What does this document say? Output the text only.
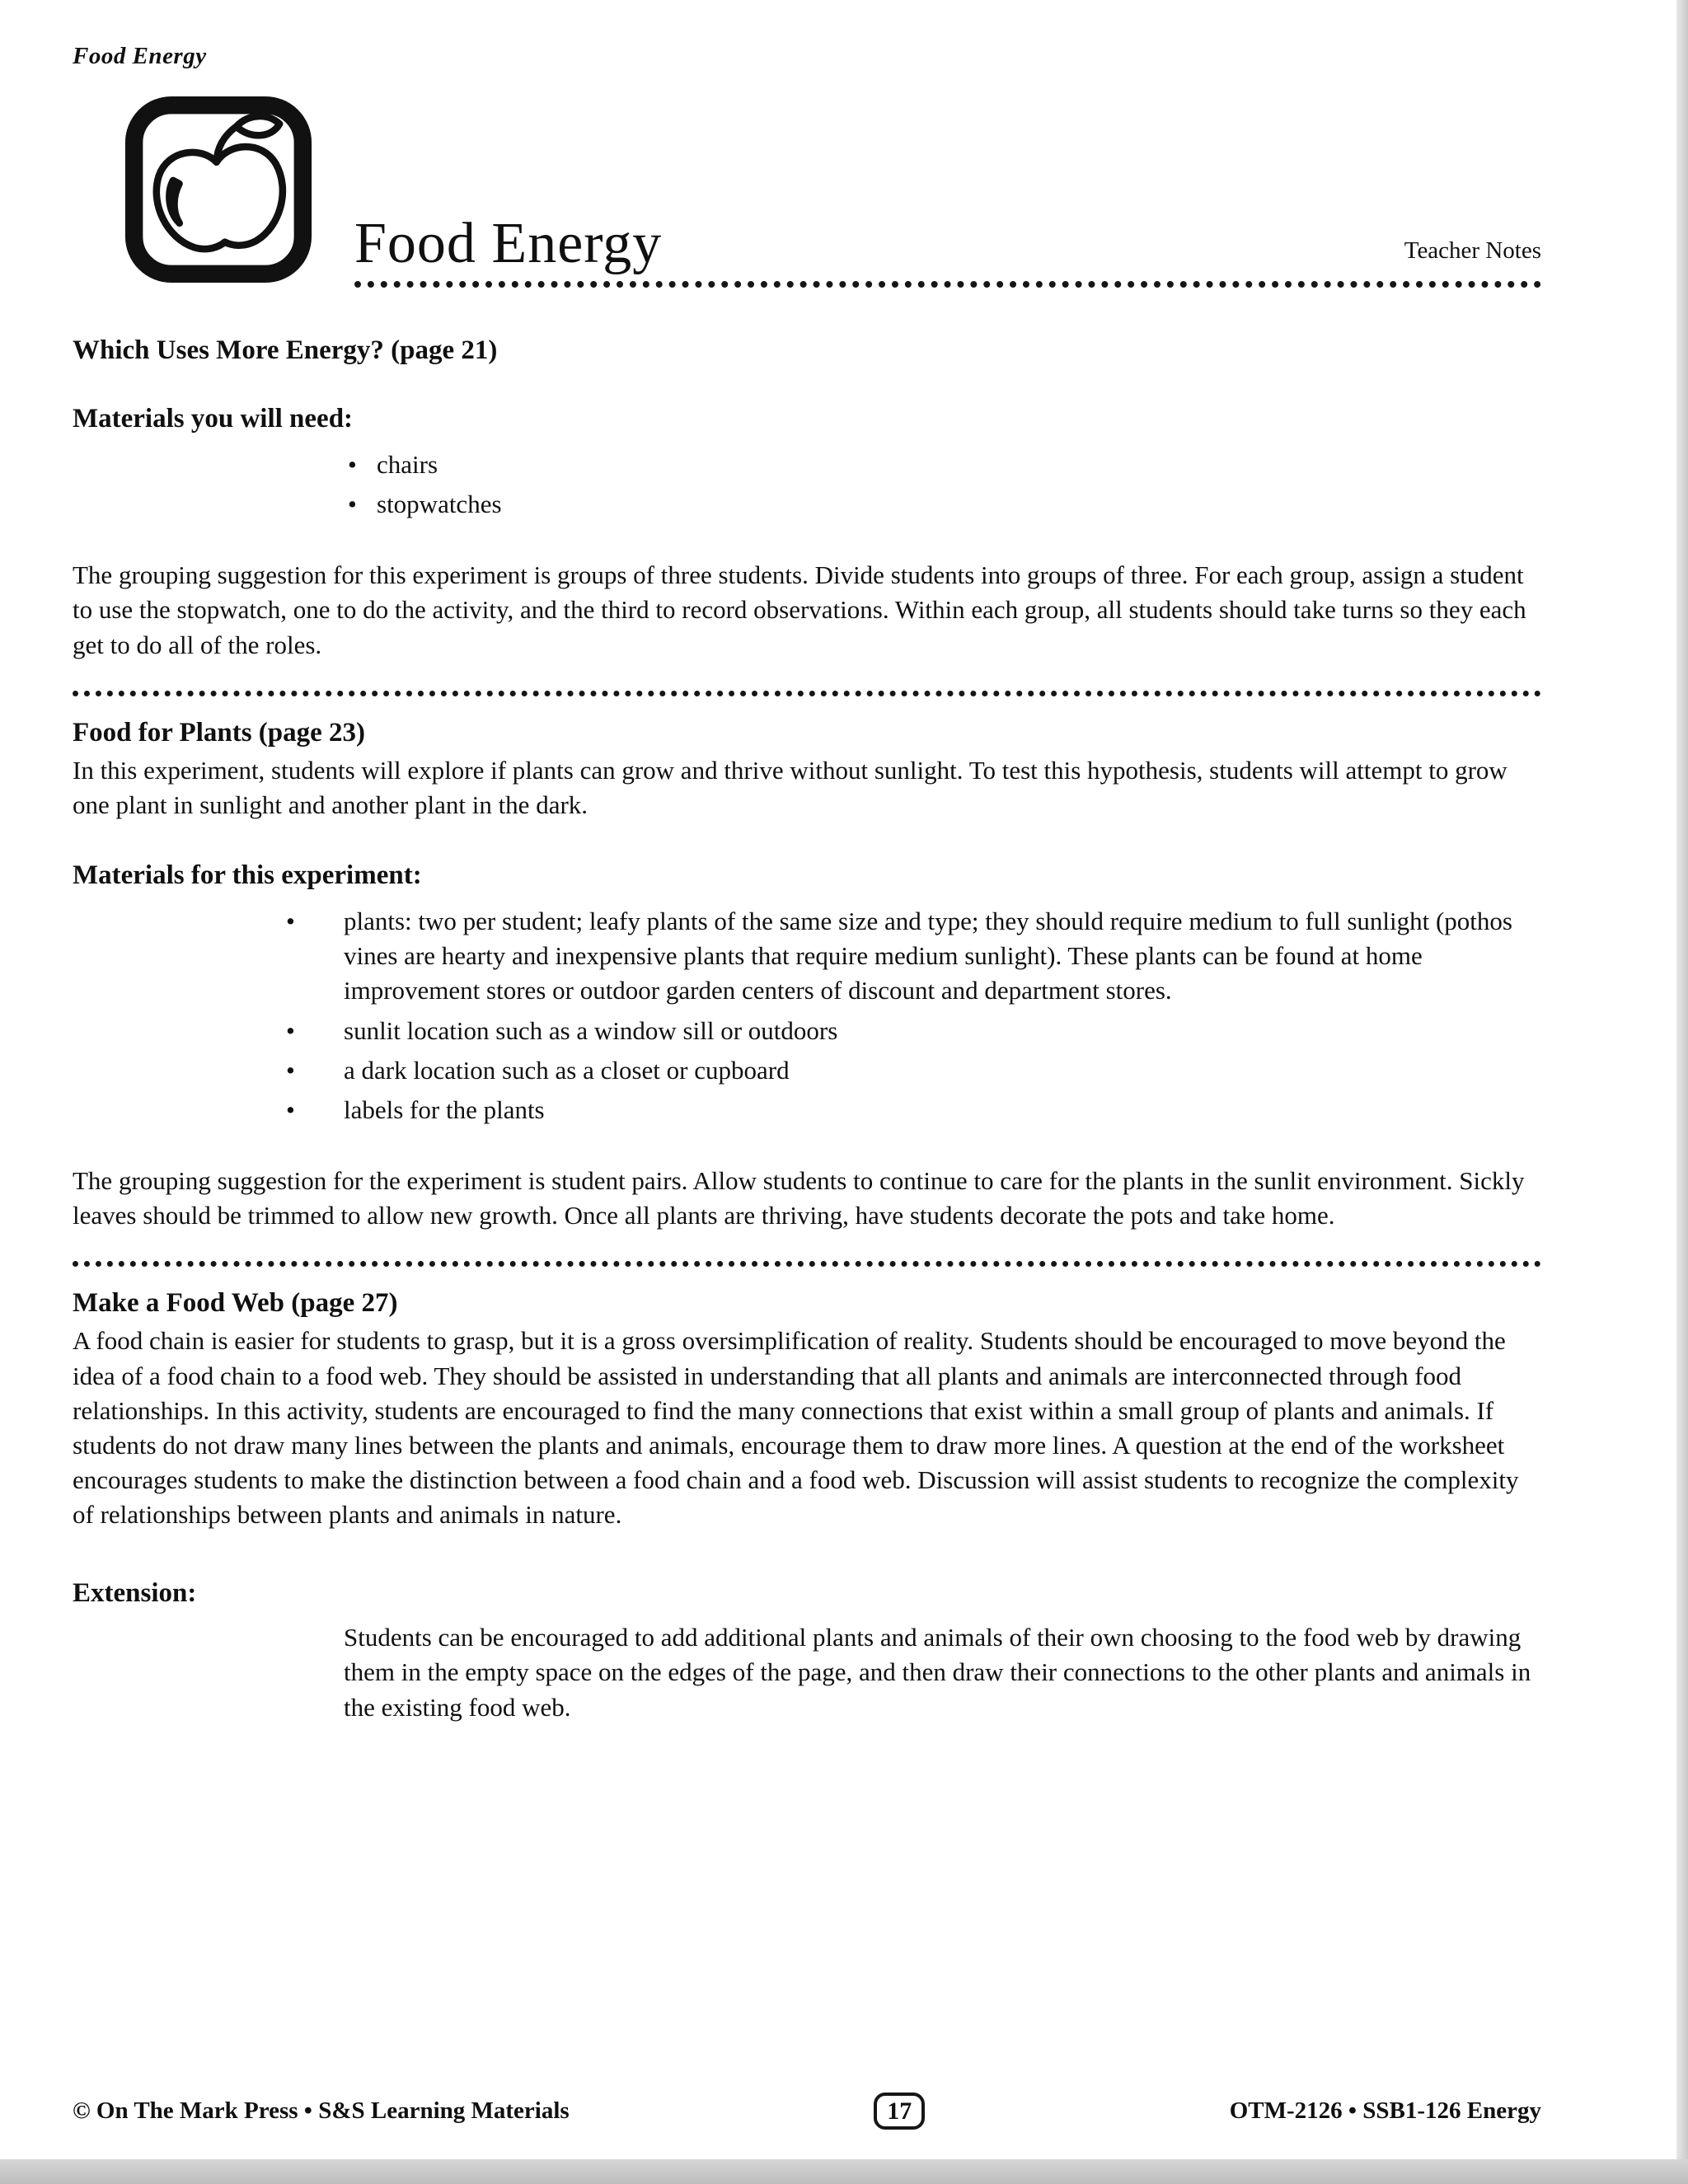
Food Energy
Food Energy	Teacher Notes
Which Uses More Energy? (page 21)
Materials you will need:
• chairs
• stopwatches

The grouping suggestion for this experiment is groups of three students. Divide students into groups of three. For each group, assign a student to use the stopwatch, one to do the activity, and the third to record observations. Within each group, all students should take turns so they each get to do all of the roles.

Food for Plants (page 23)

In this experiment, students will explore if plants can grow and thrive without sunlight. To test this hypothesis, students will attempt to grow one plant in sunlight and another plant in the dark.

Materials for this experiment:
• plants: two per student; leafy plants of the same size and type; they should require medium to full sunlight (pothos vines are hearty and inexpensive plants that require medium sunlight). These plants can be found at home improvement stores or outdoor garden centers of discount and department stores.
• sunlit location such as a window sill or outdoors
• a dark location such as a closet or cupboard
• labels for the plants

The grouping suggestion for the experiment is student pairs. Allow students to continue to care for the plants in the sunlit environment. Sickly leaves should be trimmed to allow new growth. Once all plants are thriving, have students decorate the pots and take home.

Make a Food Web (page 27)

A food chain is easier for students to grasp, but it is a gross oversimplification of reality. Students should be encouraged to move beyond the idea of a food chain to a food web. They should be assisted in understanding that all plants and animals are interconnected through food relationships. In this activity, students are encouraged to find the many connections that exist within a small group of plants and animals. If students do not draw many lines between the plants and animals, encourage them to draw more lines. A question at the end of the worksheet encourages students to make the distinction between a food chain and a food web. Discussion will assist students to recognize the complexity of relationships between plants and animals in nature.

Extension:

Students can be encouraged to add additional plants and animals of their own choosing to the food web by drawing them in the empty space on the edges of the page, and then draw their connections to the other plants and animals in the existing food web.

© On The Mark Press • S&S Learning Materials	17	OTM-2126 • SSB1-126 Energy
